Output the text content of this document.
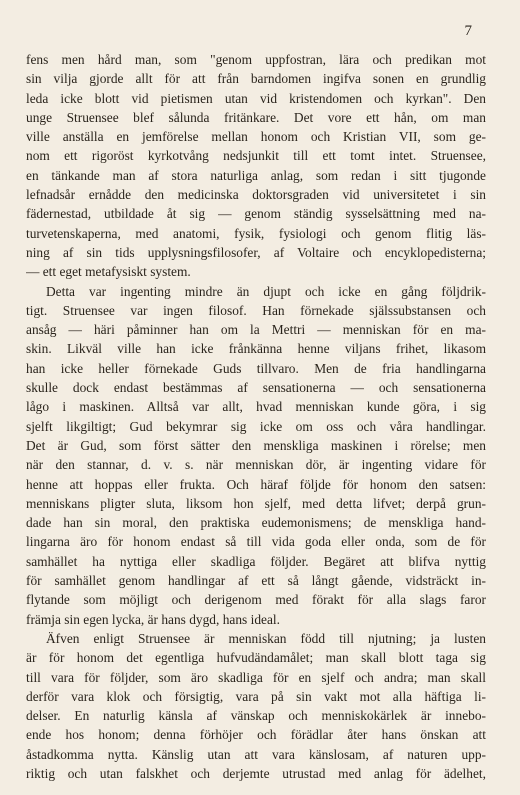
7
fens men hård man, som "genom uppfostran, lära och predikan mot
sin vilja gjorde allt för att från barndomen ingifva sonen en grundlig
leda icke blott vid pietismen utan vid kristendomen och kyrkan". Den
unge Struensee blef sålunda fritänkare. Det vore ett hån, om man
ville anställa en jemförelse mellan honom och Kristian VII, som ge-
nom ett rigoröst kyrkotvång nedsjunkit till ett tomt intet. Struensee,
en tänkande man af stora naturliga anlag, som redan i sitt tjugonde
lefnadsår ernådde den medicinska doktorsgraden vid universitetet i sin
fädernestad, utbildade åt sig — genom ständig sysselsättning med na-
turvetenskaperna, med anatomi, fysik, fysiologi och genom flitig läs-
ning af sin tids upplysningsfilosofer, af Voltaire och encyklopedisterna;
— ett eget metafysiskt system.
Detta var ingenting mindre än djupt och icke en gång följdrik-
tigt. Struensee var ingen filosof. Han förnekade själssubstansen och
ansåg — häri påminner han om la Mettri — menniskan för en ma-
skin. Likväl ville han icke frånkänna henne viljans frihet, likasom
han icke heller förnekade Guds tillvaro. Men de fria handlingarna
skulle dock endast bestämmas af sensationerna — och sensationerna
lågo i maskinen. Alltså var allt, hvad menniskan kunde göra, i sig
sjelft likgiltigt; Gud bekymrar sig icke om oss och våra handlingar.
Det är Gud, som först sätter den menskliga maskinen i rörelse; men
när den stannar, d. v. s. när menniskan dör, är ingenting vidare för
henne att hoppas eller frukta. Och häraf följde för honom den satsen:
menniskans pligter sluta, liksom hon sjelf, med detta lifvet; derpå grun-
dade han sin moral, den praktiska eudemonismens; de menskliga hand-
lingarna äro för honom endast så till vida goda eller onda, som de för
samhället ha nyttiga eller skadliga följder. Begäret att blifva nyttig
för samhället genom handlingar af ett så långt gående, vidsträckt in-
flytande som möjligt och derigenom med förakt för alla slags faror
främja sin egen lycka, är hans dygd, hans ideal.
Äfven enligt Struensee är menniskan född till njutning; ja lusten
är för honom det egentliga hufvudändamålet; man skall blott taga sig
till vara för följder, som äro skadliga för en sjelf och andra; man skall
derför vara klok och försigtig, vara på sin vakt mot alla häftiga li-
delser. En naturlig känsla af vänskap och menniskokärlek är innebo-
ende hos honom; denna förhöjer och förädlar åter hans önskan att
åstadkomma nytta. Känslig utan att vara känslosam, af naturen upp-
riktig och utan falskhet och derjemte utrustad med anlag för ädelhet,
